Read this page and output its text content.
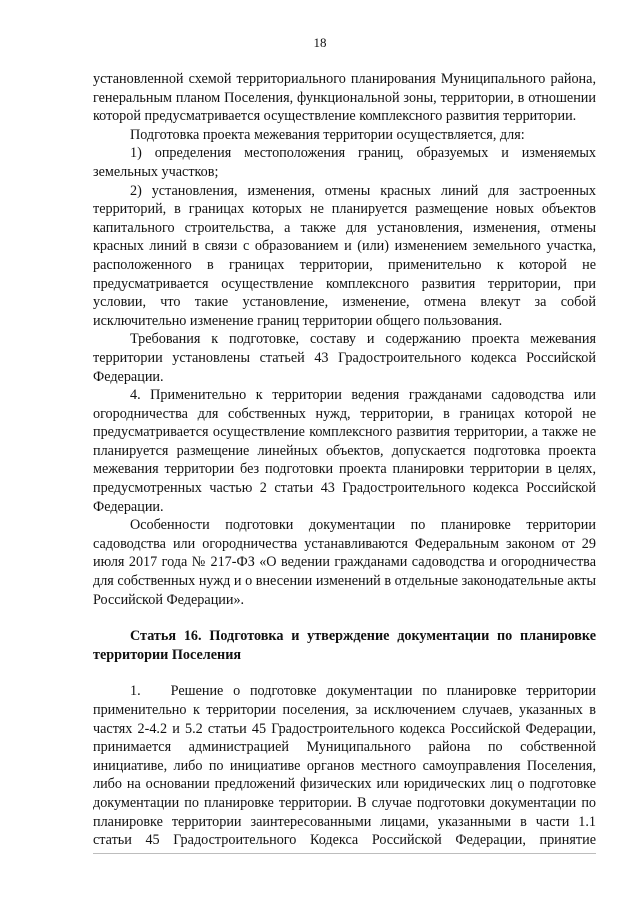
18

установленной схемой территориального планирования Муниципального района, генеральным планом Поселения, функциональной зоны, территории, в отношении которой предусматривается осуществление комплексного развития территории.

Подготовка проекта межевания территории осуществляется, для:

1) определения местоположения границ, образуемых и изменяемых земельных участков;

2) установления, изменения, отмены красных линий для застроенных территорий, в границах которых не планируется размещение новых объектов капитального строительства, а также для установления, изменения, отмены красных линий в связи с образованием и (или) изменением земельного участка, расположенного в границах территории, применительно к которой не предусматривается осуществление комплексного развития территории, при условии, что такие установление, изменение, отмена влекут за собой исключительно изменение границ территории общего пользования.

Требования к подготовке, составу и содержанию проекта межевания территории установлены статьей 43 Градостроительного кодекса Российской Федерации.

4. Применительно к территории ведения гражданами садоводства или огородничества для собственных нужд, территории, в границах которой не предусматривается осуществление комплексного развития территории, а также не планируется размещение линейных объектов, допускается подготовка проекта межевания территории без подготовки проекта планировки территории в целях, предусмотренных частью 2 статьи 43 Градостроительного кодекса Российской Федерации.

Особенности подготовки документации по планировке территории садоводства или огородничества устанавливаются Федеральным законом от 29 июля 2017 года № 217-ФЗ «О ведении гражданами садоводства и огородничества для собственных нужд и о внесении изменений в отдельные законодательные акты Российской Федерации».

Статья 16. Подготовка и утверждение документации по планировке территории Поселения

1. Решение о подготовке документации по планировке территории применительно к территории поселения, за исключением случаев, указанных в частях 2-4.2 и 5.2 статьи 45 Градостроительного кодекса Российской Федерации, принимается администрацией Муниципального района по собственной инициативе, либо по инициативе органов местного самоуправления Поселения, либо на основании предложений физических или юридических лиц о подготовке документации по планировке территории. В случае подготовки документации по планировке территории заинтересованными лицами, указанными в части 1.1 статьи 45 Градостроительного Кодекса Российской Федерации, принятие
